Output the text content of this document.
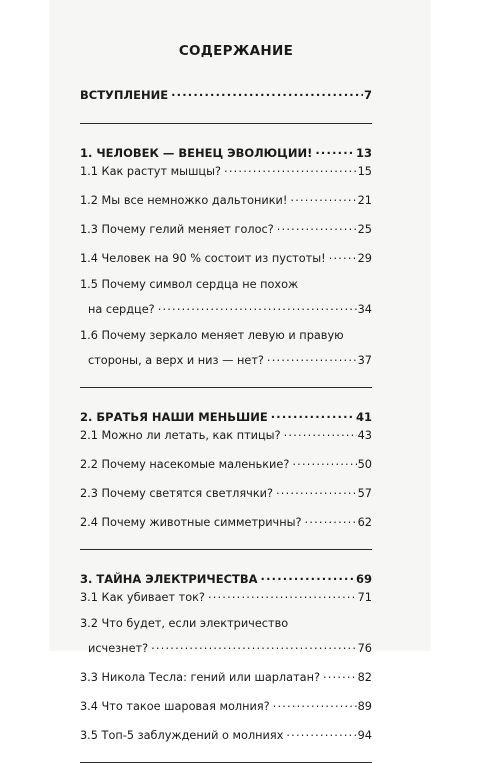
СОДЕРЖАНИЕ
ВСТУПЛЕНИЕ .....	7
1. ЧЕЛОВЕК — ВЕНЕЦ ЭВОЛЮЦИИ! .....	13
1.1 Как растут мышцы? .....	15
1.2 Мы все немножко дальтоники! .....	21
1.3 Почему гелий меняет голос? .....	25
1.4 Человек на 90 % состоит из пустоты! .....	29
1.5 Почему символ сердца не похож
на сердце? .....	34
1.6 Почему зеркало меняет левую и правую
стороны, а верх и низ — нет? .....	37
2. БРАТЬЯ НАШИ МЕНЬШИЕ .....	41
2.1 Можно ли летать, как птицы? .....	43
2.2 Почему насекомые маленькие? .....	50
2.3 Почему светятся светлячки? .....	57
2.4 Почему животные симметричны? .....	62
3. ТАЙНА ЭЛЕКТРИЧЕСТВА .....	69
3.1 Как убивает ток? .....	71
3.2 Что будет, если электричество
исчезнет? .....	76
3.3 Никола Тесла: гений или шарлатан? .....	82
3.4 Что такое шаровая молния? .....	89
3.5 Топ-5 заблуждений о молниях .....	94
